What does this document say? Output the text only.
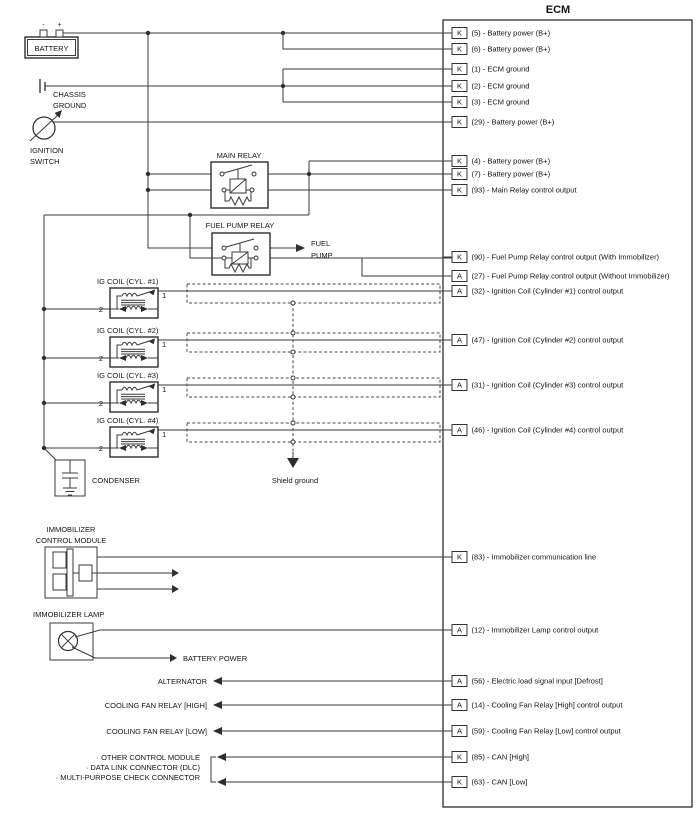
Shield ground
ECM
K (5) - Battery power (B+)
K (6) - Battery power (B+)
K (1) - ECM ground
K (2) - ECM ground
K (3) - ECM ground
K (29) - Battery power (B+)
K (4) - Battery power (B+)
K (7) - Battery power (B+)
K (93) - Main Relay control output
K (90) - Fuel Pump Relay control output (With Immobilizer)
A (27) - Fuel Pump Relay control output (Without Immobilizer)
A (32) - Ignition Coil (Cylinder #1) control output
A (47) - Ignition Coil (Cylinder #2) control output
A (31) - Ignition Coil (Cylinder #3) control output
A (46) - Ignition Coil (Cylinder #4) control output
K (83) - Immobilizer communication line
A (12) - Immobilizer Lamp control output
A (56) - Electric load signal input [Defrost]
A (14) - Cooling Fan Relay [High] control output
A (59) - Cooling Fan Relay [Low] control output
K (85) - CAN [High]
K (63) - CAN [Low]
- +
BATTERY
CHASSIS
GROUND
IGNITION
SWITCH
MAIN RELAY
FUEL PUMP RELAY
FUEL
PUMP
IG COIL (CYL. #1)
2
1
IG COIL (CYL. #2)
2
1
IG COIL (CYL. #3)
2
1
IG COIL (CYL. #4)
2
1
CONDENSER
IMMOBILIZER
CONTROL MODULE
IMMOBILIZER LAMP
BATTERY POWER
ALTERNATOR
COOLING FAN RELAY [HIGH]
COOLING FAN RELAY [LOW]
· OTHER CONTROL MODULE
· DATA LINK CONNECTOR (DLC)
· MULTI-PURPOSE CHECK CONNECTOR
